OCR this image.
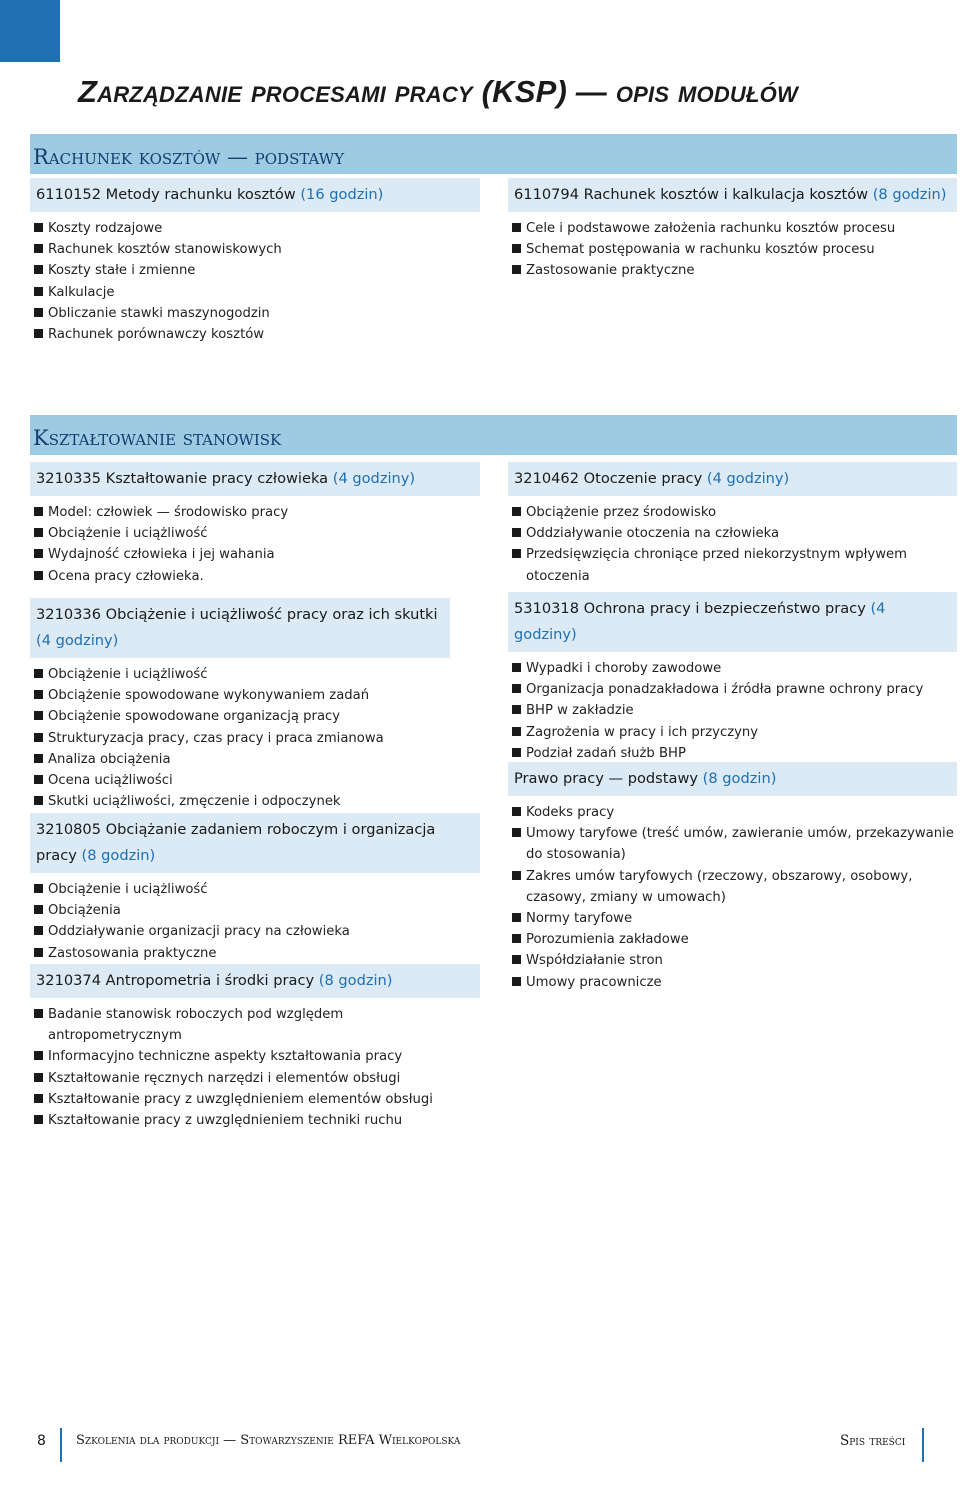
Zarządzanie procesami pracy (KSP) — opis modułów
Rachunek kosztów — podstawy
6110152 Metody rachunku kosztów (16 godzin)
Koszty rodzajowe
Rachunek kosztów stanowiskowych
Koszty stałe i zmienne
Kalkulacje
Obliczanie stawki maszynogodzin
Rachunek porównawczy kosztów
6110794 Rachunek kosztów i kalkulacja kosztów (8 godzin)
Cele i podstawowe założenia rachunku kosztów procesu
Schemat postępowania w rachunku kosztów procesu
Zastosowanie praktyczne
Kształtowanie stanowisk
3210335 Kształtowanie pracy człowieka (4 godziny)
Model: człowiek — środowisko pracy
Obciążenie i uciążliwość
Wydajność człowieka i jej wahania
Ocena pracy człowieka.
3210336 Obciążenie i uciążliwość pracy oraz ich skutki (4 godziny)
Obciążenie i uciążliwość
Obciążenie spowodowane wykonywaniem zadań
Obciążenie spowodowane organizacją pracy
Strukturyzacja pracy, czas pracy i praca zmianowa
Analiza obciążenia
Ocena uciążliwości
Skutki uciążliwości, zmęczenie i odpoczynek
3210805 Obciążanie zadaniem roboczym i organizacja pracy (8 godzin)
Obciążenie i uciążliwość
Obciążenia
Oddziaływanie organizacji pracy na człowieka
Zastosowania praktyczne
3210374 Antropometria i środki pracy (8 godzin)
Badanie stanowisk roboczych pod względem antropometrycznym
Informacyjno techniczne aspekty kształtowania pracy
Kształtowanie ręcznych narzędzi i elementów obsługi
Kształtowanie pracy z uwzględnieniem elementów obsługi
Kształtowanie pracy z uwzględnieniem techniki ruchu
3210462 Otoczenie pracy (4 godziny)
Obciążenie przez środowisko
Oddziaływanie otoczenia na człowieka
Przedsięwzięcia chroniące przed niekorzystnym wpływem otoczenia
5310318 Ochrona pracy i bezpieczeństwo pracy (4 godziny)
Wypadki i choroby zawodowe
Organizacja ponadzakładowa i źródła prawne ochrony pracy
BHP w zakładzie
Zagrożenia w pracy i ich przyczyny
Podział zadań służb BHP
Prawo pracy — podstawy (8 godzin)
Kodeks pracy
Umowy taryfowe (treść umów, zawieranie umów, przekazywanie do stosowania)
Zakres umów taryfowych (rzeczowy, obszarowy, osobowy, czasowy, zmiany w umowach)
Normy taryfowe
Porozumienia zakładowe
Współdziałanie stron
Umowy pracownicze
8 Szkolenia dla produkcji — Stowarzyszenie REFA Wielkopolska	Spis treści
